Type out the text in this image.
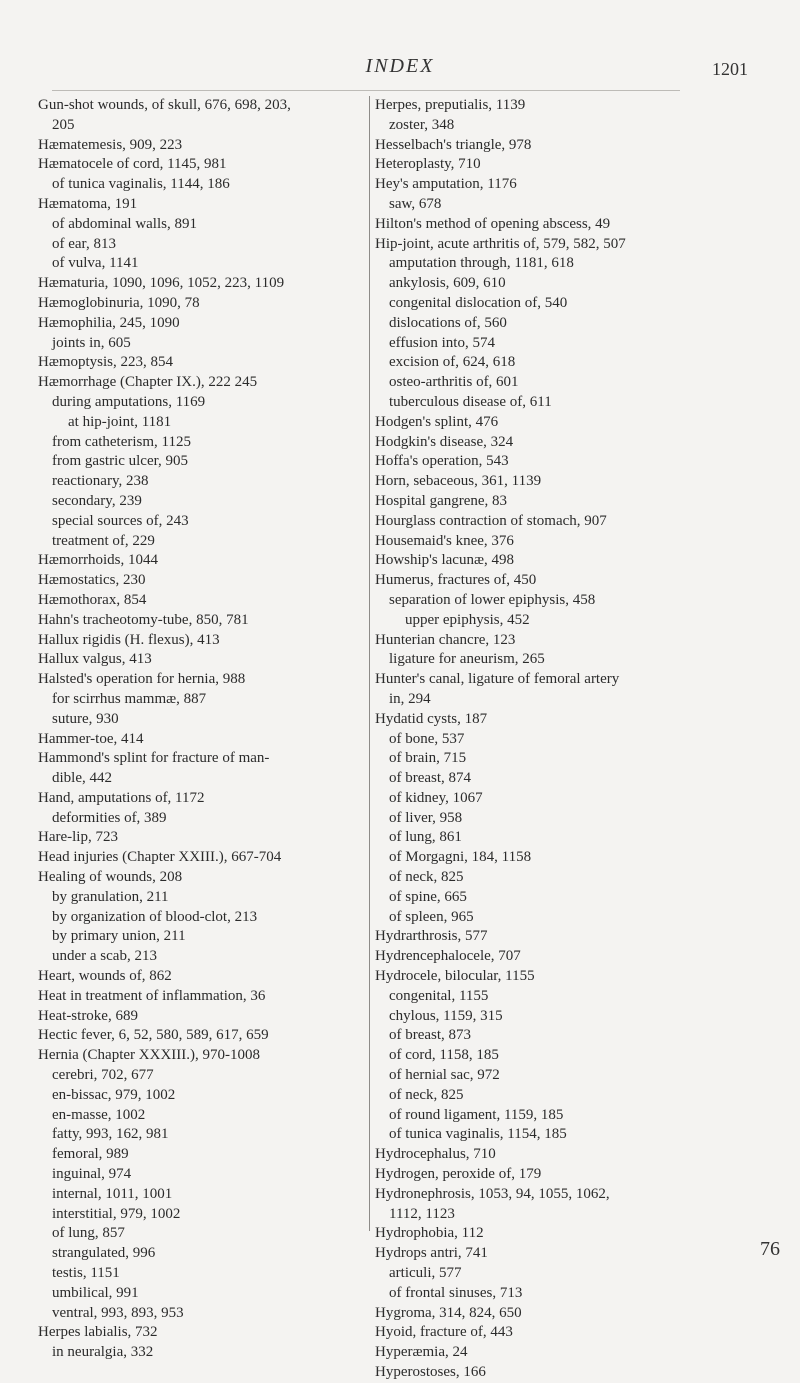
INDEX	1201
Gun-shot wounds, of skull, 676, 698, 203,
205
Hæmatemesis, 909, 223
Hæmatocele of cord, 1145, 981
of tunica vaginalis, 1144, 186
Hæmatoma, 191
of abdominal walls, 891
of ear, 813
of vulva, 1141
Hæmaturia, 1090, 1096, 1052, 223, 1109
Hæmoglobinuria, 1090, 78
Hæmophilia, 245, 1090
joints in, 605
Hæmoptysis, 223, 854
Hæmorrhage (Chapter IX.), 222 245
during amputations, 1169
at hip-joint, 1181
from catheterism, 1125
from gastric ulcer, 905
reactionary, 238
secondary, 239
special sources of, 243
treatment of, 229
Hæmorrhoids, 1044
Hæmostatics, 230
Hæmothorax, 854
Hahn's tracheotomy-tube, 850, 781
Hallux rigidis (H. flexus), 413
Hallux valgus, 413
Halsted's operation for hernia, 988
for scirrhus mammæ, 887
suture, 930
Hammer-toe, 414
Hammond's splint for fracture of man-
dible, 442
Hand, amputations of, 1172
deformities of, 389
Hare-lip, 723
Head injuries (Chapter XXIII.), 667-704
Healing of wounds, 208
by granulation, 211
by organization of blood-clot, 213
by primary union, 211
under a scab, 213
Heart, wounds of, 862
Heat in treatment of inflammation, 36
Heat-stroke, 689
Hectic fever, 6, 52, 580, 589, 617, 659
Hernia (Chapter XXXIII.), 970-1008
cerebri, 702, 677
en-bissac, 979, 1002
en-masse, 1002
fatty, 993, 162, 981
femoral, 989
inguinal, 974
internal, 1011, 1001
interstitial, 979, 1002
of lung, 857
strangulated, 996
testis, 1151
umbilical, 991
ventral, 993, 893, 953
Herpes labialis, 732
in neuralgia, 332
Herpes, preputialis, 1139
zoster, 348
Hesselbach's triangle, 978
Heteroplasty, 710
Hey's amputation, 1176
saw, 678
Hilton's method of opening abscess, 49
Hip-joint, acute arthritis of, 579, 582, 507
amputation through, 1181, 618
ankylosis, 609, 610
congenital dislocation of, 540
dislocations of, 560
effusion into, 574
excision of, 624, 618
osteo-arthritis of, 601
tuberculous disease of, 611
Hodgen's splint, 476
Hodgkin's disease, 324
Hoffa's operation, 543
Horn, sebaceous, 361, 1139
Hospital gangrene, 83
Hourglass contraction of stomach, 907
Housemaid's knee, 376
Howship's lacunæ, 498
Humerus, fractures of, 450
separation of lower epiphysis, 458
upper epiphysis, 452
Hunterian chancre, 123
ligature for aneurism, 265
Hunter's canal, ligature of femoral artery
in, 294
Hydatid cysts, 187
of bone, 537
of brain, 715
of breast, 874
of kidney, 1067
of liver, 958
of lung, 861
of Morgagni, 184, 1158
of neck, 825
of spine, 665
of spleen, 965
Hydrarthrosis, 577
Hydrencephalocele, 707
Hydrocele, bilocular, 1155
congenital, 1155
chylous, 1159, 315
of breast, 873
of cord, 1158, 185
of hernial sac, 972
of neck, 825
of round ligament, 1159, 185
of tunica vaginalis, 1154, 185
Hydrocephalus, 710
Hydrogen, peroxide of, 179
Hydronephrosis, 1053, 94, 1055, 1062,
1112, 1123
Hydrophobia, 112
Hydrops antri, 741
articuli, 577
of frontal sinuses, 713
Hygroma, 314, 824, 650
Hyoid, fracture of, 443
Hyperæmia, 24
Hyperostoses, 166
76
